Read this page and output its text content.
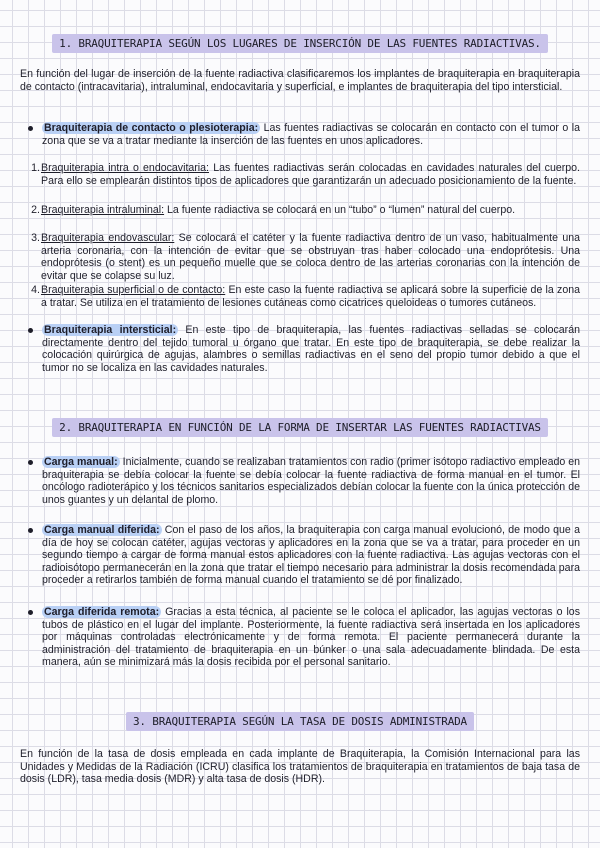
1. BRAQUITERAPIA SEGÚN LOS LUGARES DE INSERCIÓN DE LAS FUENTES RADIACTIVAS.
En función del lugar de inserción de la fuente radiactiva clasificaremos los implantes de braquiterapia en braquiterapia de contacto (intracavitaria), intraluminal, endocavitaria y superficial, e implantes de braquiterapia del tipo intersticial.
Braquiterapia de contacto o plesioterapia: Las fuentes radiactivas se colocarán en contacto con el tumor o la zona que se va a tratar mediante la inserción de las fuentes en unos aplicadores.
1. Braquiterapia intra o endocavitaria: Las fuentes radiactivas serán colocadas en cavidades naturales del cuerpo. Para ello se emplearán distintos tipos de aplicadores que garantizarán un adecuado posicionamiento de la fuente.
2. Braquiterapia intraluminal: La fuente radiactiva se colocará en un “tubo” o “lumen” natural del cuerpo.
3. Braquiterapia endovascular: Se colocará el catéter y la fuente radiactiva dentro de un vaso, habitualmente una arteria coronaria, con la intención de evitar que se obstruyan tras haber colocado una endoprótesis. Una endoprótesis (o stent) es un pequeño muelle que se coloca dentro de las arterias coronarias con la intención de evitar que se colapse su luz.
4. Braquiterapia superficial o de contacto: En este caso la fuente radiactiva se aplicará sobre la superficie de la zona a tratar. Se utiliza en el tratamiento de lesiones cutáneas como cicatrices queloideas o tumores cutáneos.
Braquiterapia intersticial: En este tipo de braquiterapia, las fuentes radiactivas selladas se colocarán directamente dentro del tejido tumoral u órgano que tratar. En este tipo de braquiterapia, se debe realizar la colocación quirúrgica de agujas, alambres o semillas radiactivas en el seno del propio tumor debido a que el tumor no se localiza en las cavidades naturales.
2. BRAQUITERAPIA EN FUNCIÓN DE LA FORMA DE INSERTAR LAS FUENTES RADIACTIVAS
Carga manual: Inicialmente, cuando se realizaban tratamientos con radio (primer isótopo radiactivo empleado en braquiterapia se debía colocar la fuente se debía colocar la fuente radiactiva de forma manual en el tumor. El oncólogo radioterápico y los técnicos sanitarios especializados debían colocar la fuente con la única protección de unos guantes y un delantal de plomo.
Carga manual diferida: Con el paso de los años, la braquiterapia con carga manual evolucionó, de modo que a día de hoy se colocan catéter, agujas vectoras y aplicadores en la zona que se va a tratar, para proceder en un segundo tiempo a cargar de forma manual estos aplicadores con la fuente radiactiva. Las agujas vectoras con el radioisótopo permanecerán en la zona que tratar el tiempo necesario para administrar la dosis recomendada para proceder a retirarlos también de forma manual cuando el tratamiento se dé por finalizado.
Carga diferida remota: Gracias a esta técnica, al paciente se le coloca el aplicador, las agujas vectoras o los tubos de plástico en el lugar del implante. Posteriormente, la fuente radiactiva será insertada en los aplicadores por máquinas controladas electrónicamente y de forma remota. El paciente permanecerá durante la administración del tratamiento de braquiterapia en un búnker o una sala adecuadamente blindada. De esta manera, aún se minimizará más la dosis recibida por el personal sanitario.
3. BRAQUITERAPIA SEGÚN LA TASA DE DOSIS ADMINISTRADA
En función de la tasa de dosis empleada en cada implante de Braquiterapia, la Comisión Internacional para las Unidades y Medidas de la Radiación (ICRU) clasifica los tratamientos de braquiterapia en tratamientos de baja tasa de dosis (LDR), tasa media dosis (MDR) y alta tasa de dosis (HDR).
